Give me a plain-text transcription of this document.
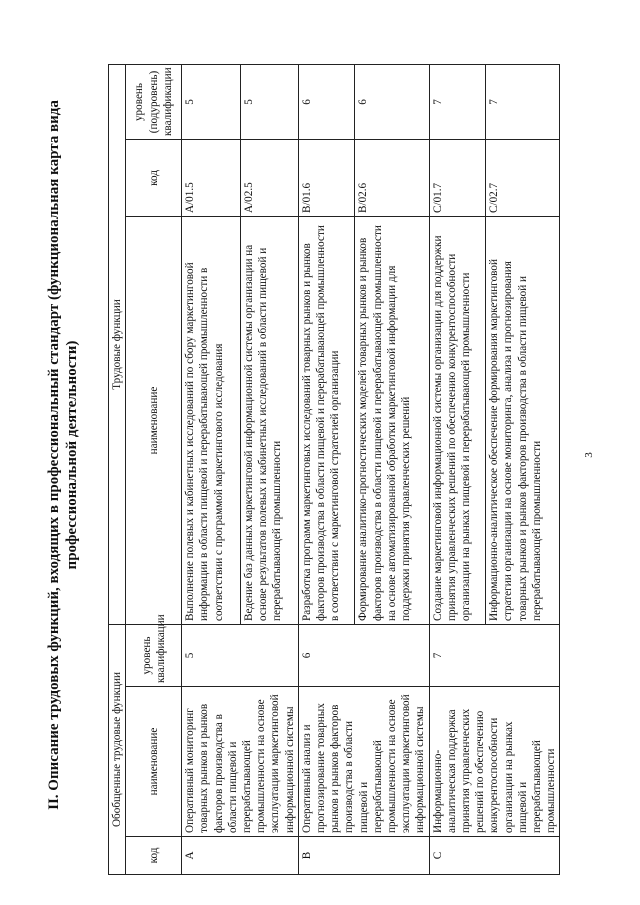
3
II. Описание трудовых функций, входящих в профессиональный стандарт (функциональная карта вида профессиональной деятельности)
Обобщенные трудовые функции			Трудовые функции		
код	наименование	уровень квалификации	наименование	код	уровень (подуровень) квалификации
A	Оперативный мониторинг товарных рынков и рынков факторов производства в области пищевой и перерабатывающей промышленности на основе эксплуатации маркетинговой информационной системы	5	Выполнение полевых и кабинетных исследований по сбору маркетинговой информации в области пищевой и перерабатывающей промышленности в соответствии с программой маркетингового исследования	A/01.5	5
			Ведение баз данных маркетинговой информационной системы организации на основе результатов полевых и кабинетных исследований в области пищевой и перерабатывающей промышленности	A/02.5	5
B	Оперативный анализ и прогнозирование товарных рынков и рынков факторов производства в области пищевой и перерабатывающей промышленности на основе эксплуатации маркетинговой информационной системы	6	Разработка программ маркетинговых исследований товарных рынков и рынков факторов производства в области пищевой и перерабатывающей промышленности в соответствии с маркетинговой стратегией организации	B/01.6	6
			Формирование аналитико-прогностических моделей товарных рынков и рынков факторов производства в области пищевой и перерабатывающей промышленности на основе автоматизированной обработки маркетинговой информации для поддержки принятия управленческих решений	B/02.6	6
C	Информационно-аналитическая поддержка принятия управленческих решений по обеспечению конкурентоспособности организации на рынках пищевой и перерабатывающей промышленности	7	Создание маркетинговой информационной системы организации для поддержки принятия управленческих решений по обеспечению конкурентоспособности организации на рынках пищевой и перерабатывающей промышленности	C/01.7	7
			Информационно-аналитическое обеспечение формирования маркетинговой стратегии организации на основе мониторинга, анализа и прогнозирования товарных рынков и рынков факторов производства в области пищевой и перерабатывающей промышленности	C/02.7	7
